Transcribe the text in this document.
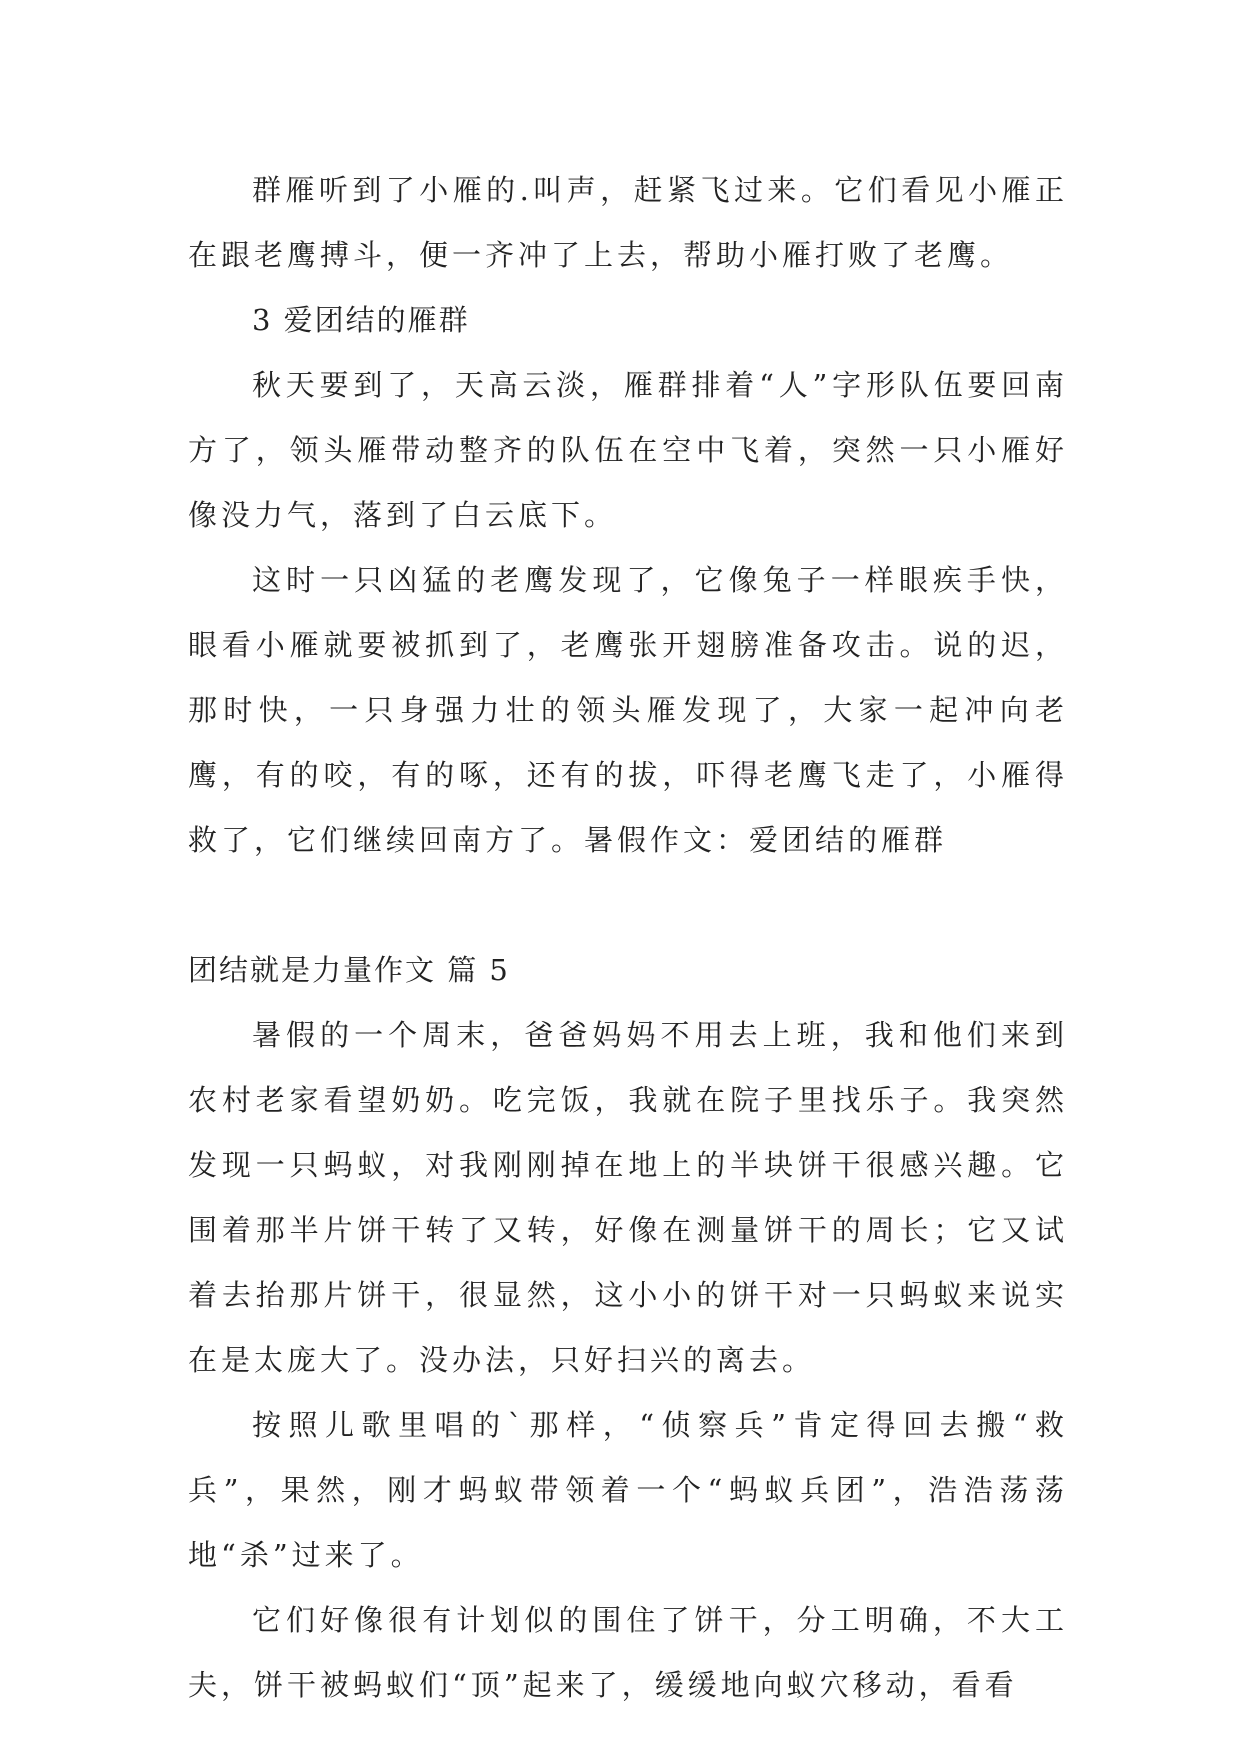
群雁听到了小雁的.叫声，赶紧飞过来。它们看见小雁正在跟老鹰搏斗，便一齐冲了上去，帮助小雁打败了老鹰。

3 爱团结的雁群

秋天要到了，天高云淡，雁群排着“人”字形队伍要回南方了，领头雁带动整齐的队伍在空中飞着，突然一只小雁好像没力气，落到了白云底下。

这时一只凶猛的老鹰发现了，它像兔子一样眼疾手快，眼看小雁就要被抓到了，老鹰张开翅膀准备攻击。说的迟，那时快，一只身强力壮的领头雁发现了，大家一起冲向老鹰，有的咬，有的啄，还有的拔，吓得老鹰飞走了，小雁得救了，它们继续回南方了。暑假作文：爱团结的雁群

团结就是力量作文 篇 5

暑假的一个周末，爸爸妈妈不用去上班，我和他们来到农村老家看望奶奶。吃完饭，我就在院子里找乐子。我突然发现一只蚂蚁，对我刚刚掉在地上的半块饼干很感兴趣。它围着那半片饼干转了又转，好像在测量饼干的周长；它又试着去抬那片饼干，很显然，这小小的饼干对一只蚂蚁来说实在是太庞大了。没办法，只好扫兴的离去。

按照儿歌里唱的`那样，“侦察兵”肯定得回去搬“救兵”，果然，刚才蚂蚁带领着一个“蚂蚁兵团”，浩浩荡荡地“杀”过来了。

它们好像很有计划似的围住了饼干，分工明确，不大工夫，饼干被蚂蚁们“顶”起来了，缓缓地向蚁穴移动，看看
